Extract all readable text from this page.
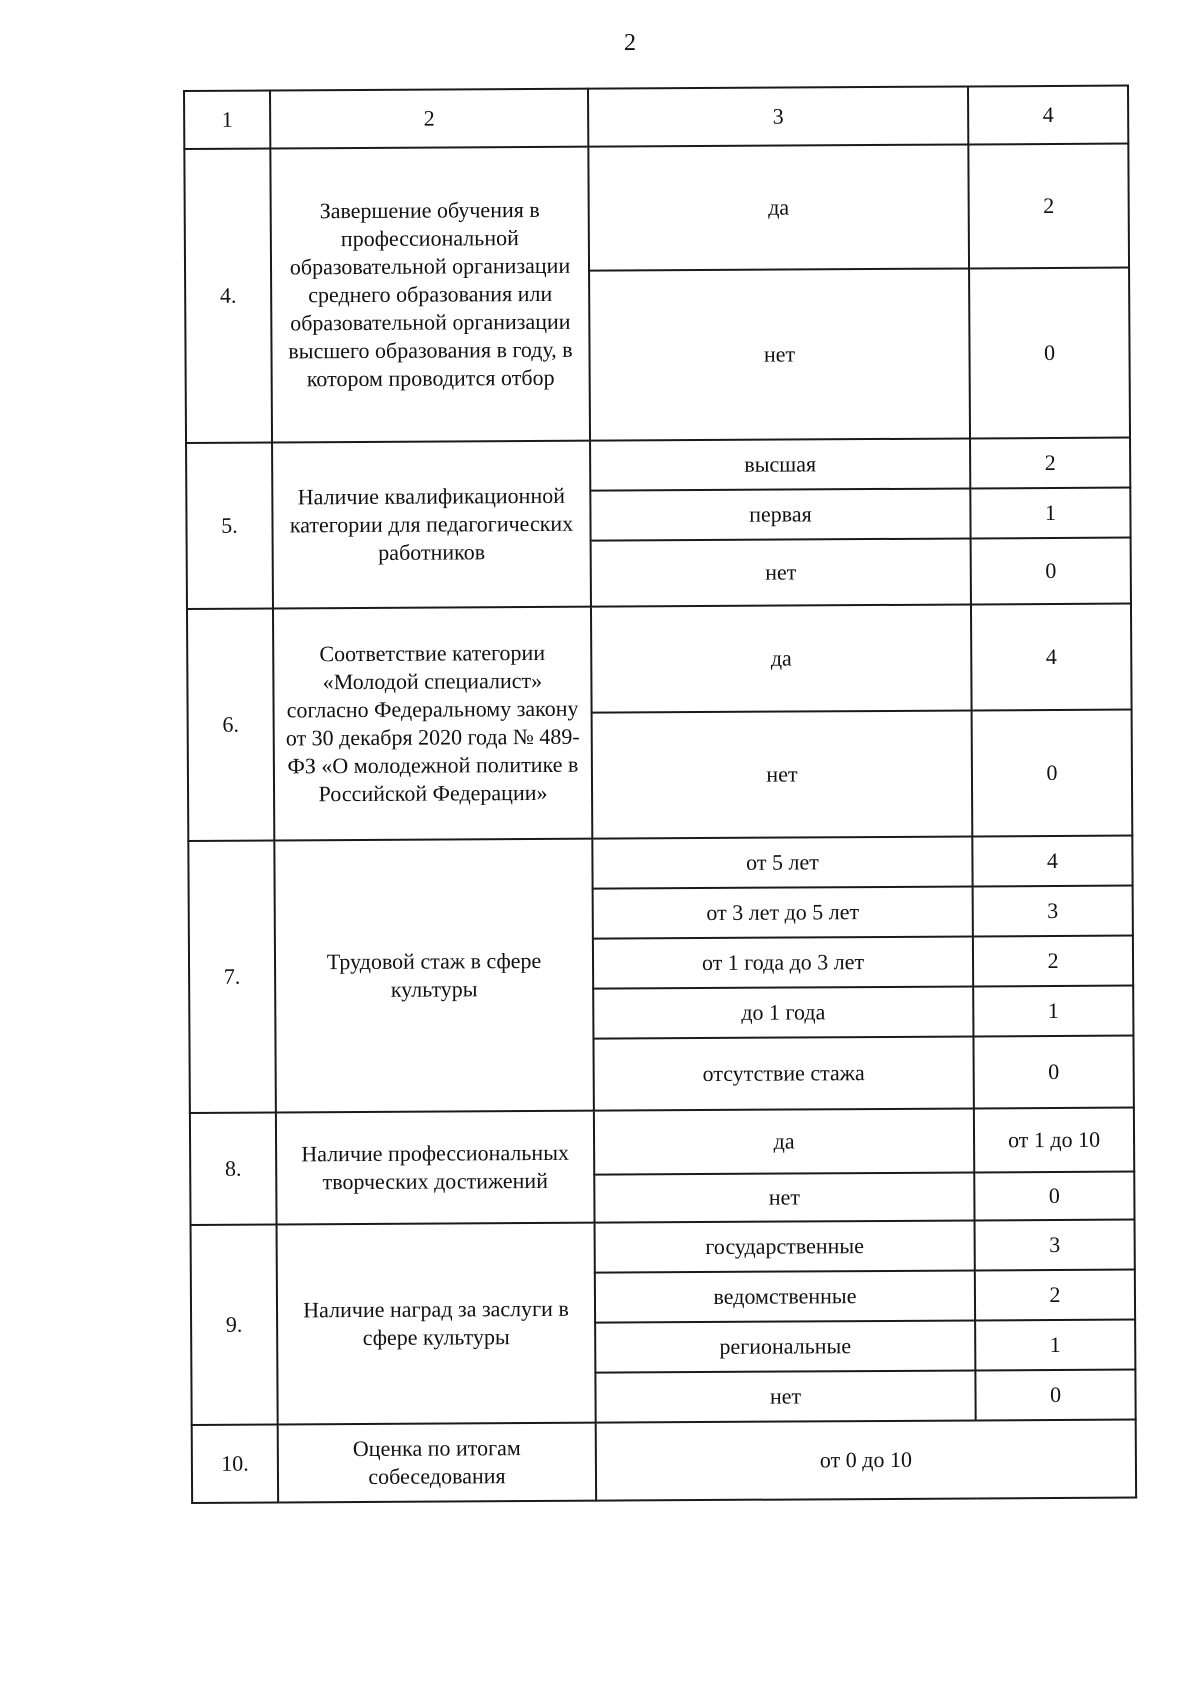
2
1	2	3	4
4.	Завершение обучения в профессиональной образовательной организации среднего образования или образовательной организации высшего образования в году, в котором проводится отбор	да	2
		нет	0
5.	Наличие квалификационной категории для педагогических работников	высшая	2
		первая	1
		нет	0
6.	Соответствие категории «Молодой специалист» согласно Федеральному закону от 30 декабря 2020 года № 489-ФЗ «О молодежной политике в Российской Федерации»	да	4
		нет	0
7.	Трудовой стаж в сфере культуры	от 5 лет	4
		от 3 лет до 5 лет	3
		от 1 года до 3 лет	2
		до 1 года	1
		отсутствие стажа	0
8.	Наличие профессиональных творческих достижений	да	от 1 до 10
		нет	0
9.	Наличие наград за заслуги в сфере культуры	государственные	3
		ведомственные	2
		региональные	1
		нет	0
10.	Оценка по итогам собеседования	от 0 до 10	
